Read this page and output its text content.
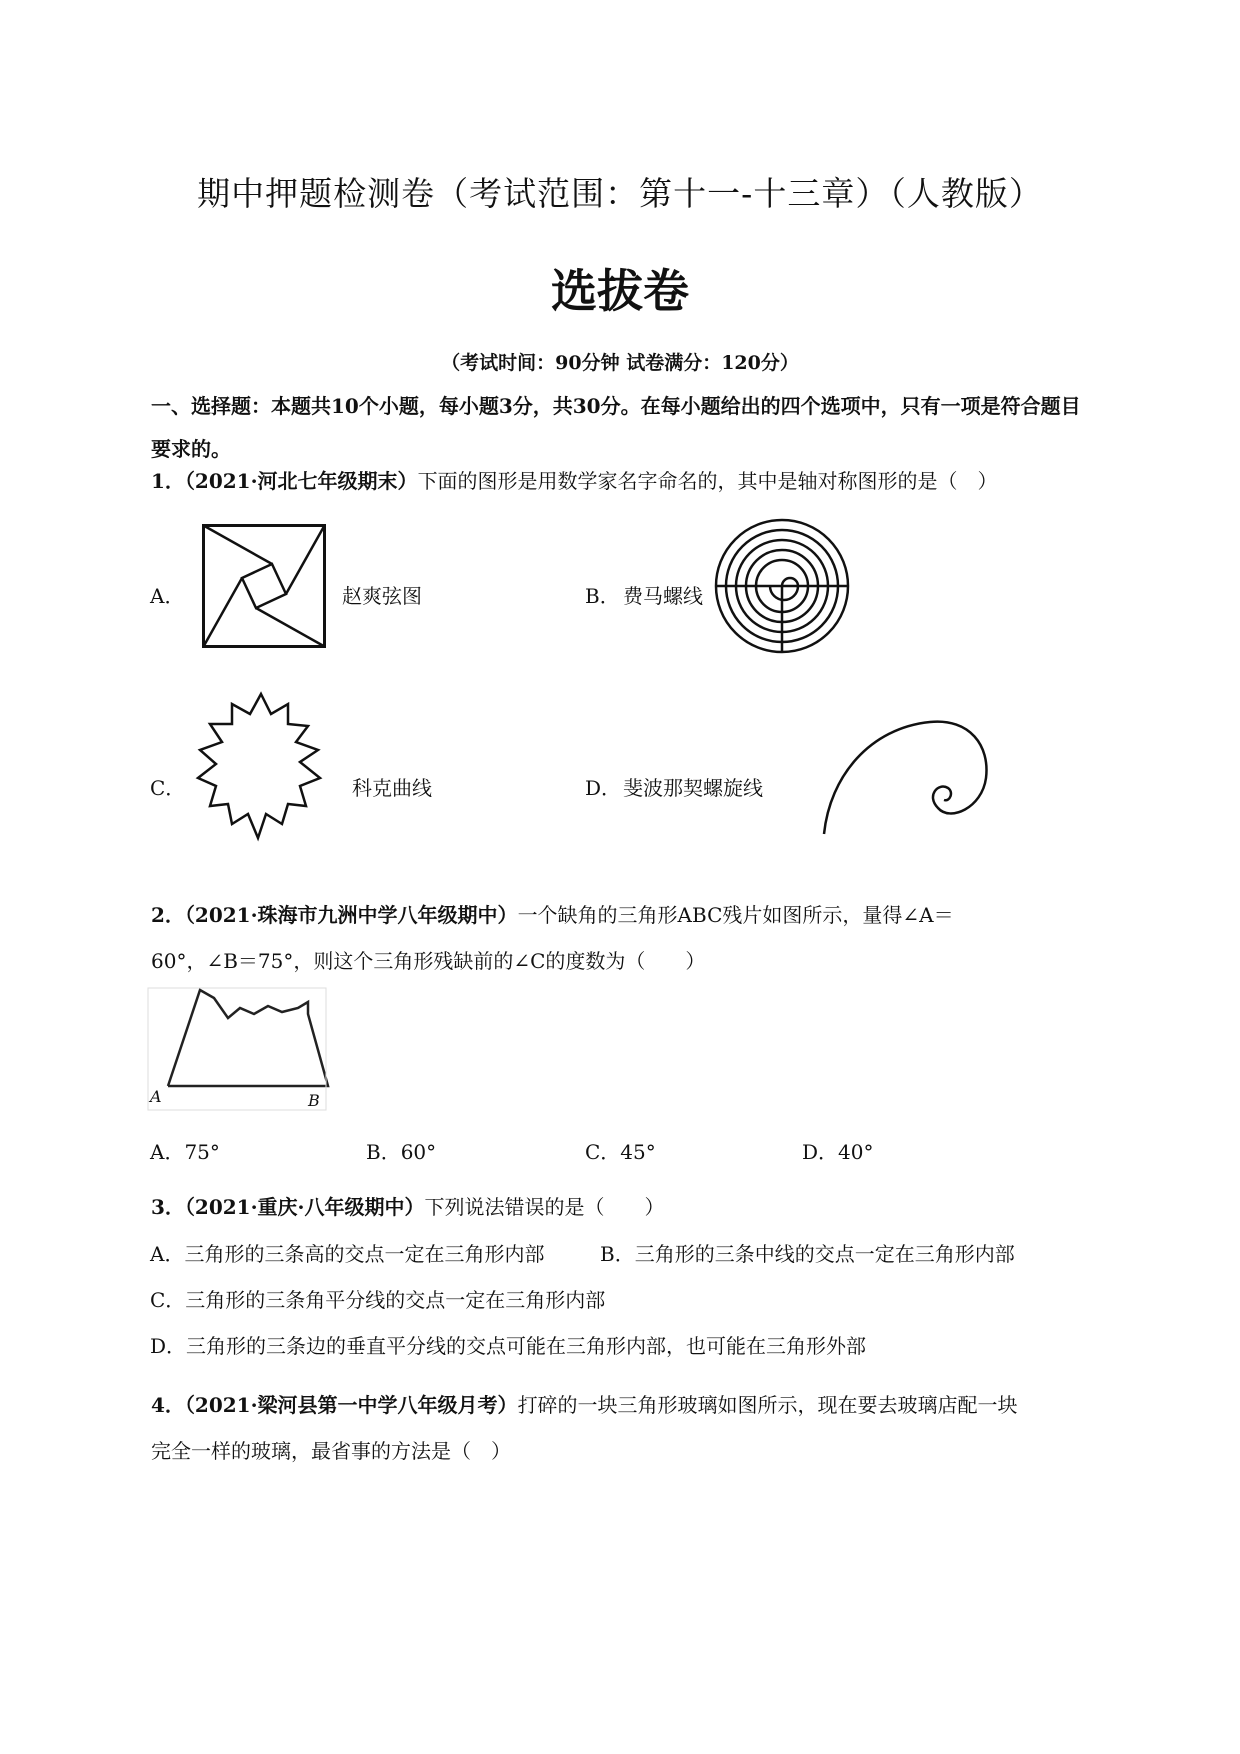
期中押题检测卷（考试范围：第十一-十三章）（人教版）
选拔卷
（考试时间：90分钟 试卷满分：120分）
一、选择题：本题共10个小题，每小题3分，共30分。在每小题给出的四个选项中，只有一项是符合题目要求的。
1．（2021·河北七年级期末）下面的图形是用数学家名字命名的，其中是轴对称图形的是（　）
A．	赵爽弦图	B． 费马螺线
C．	科克曲线	D． 斐波那契螺旋线
2．（2021·珠海市九洲中学八年级期中）一个缺角的三角形ABC残片如图所示，量得∠A＝
60°，∠B＝75°，则这个三角形残缺前的∠C的度数为（　　）
A	B
A．75°	B．60°	C．45°	D．40°
3．（2021·重庆·八年级期中）下列说法错误的是（　　）
A．三角形的三条高的交点一定在三角形内部	B．三角形的三条中线的交点一定在三角形内部
C．三角形的三条角平分线的交点一定在三角形内部
D．三角形的三条边的垂直平分线的交点可能在三角形内部，也可能在三角形外部
4．（2021·梁河县第一中学八年级月考）打碎的一块三角形玻璃如图所示，现在要去玻璃店配一块
完全一样的玻璃，最省事的方法是（　）
